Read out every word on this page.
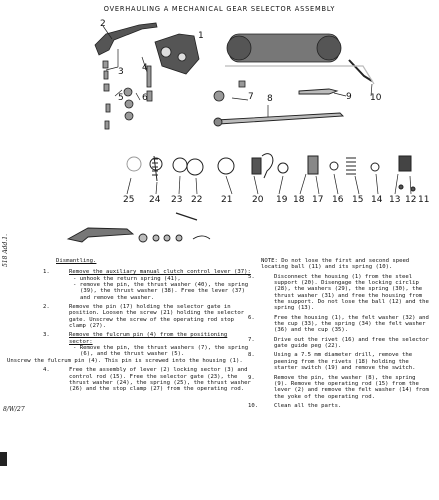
OVERHAULING A MECHANICAL GEAR SELECTOR ASSEMBLY
518 Add.1.
8/W/27
2
1
3 4
5 6	7 8	9 10
25 24 23 22 21 20 19 18 17 16 15 14 13 12 11
Dismantling.
1.	Remove the auxiliary manual clutch control lever (37):
- unhook the return spring (41),
- remove the pin, the thrust washer (40), the spring (39), the thrust washer (38). Free the lever (37) and remove the washer.
2.	Remove the pin (17) holding the selector gate in position. Loosen the screw (21) holding the selector gate. Unscrew the screw of the operating rod stop clamp (27).
3.	Remove the fulcrum pin (4) from the positioning sector:
- Remove the pin, the thrust washers (7), the spring (6), and the thrust washer (5).
Unscrew the fulcrum pin (4). This pin is screwed into the housing (1).
4.	Free the assembly of lever (2) locking sector (3) and control rod (15). Free the selector gate (23), the thrust washer (24), the spring (25), the thrust washer (26) and the stop clamp (27) from the operating rod.
NOTE: Do not lose the first and second speed locating ball (11) and its spring (10).
5.	Disconnect the housing (1) from the steel support (20). Disengage the locking circlip (28), the washers (29), the spring (30), the thrust washer (31) and free the housing from the support. Do not lose the ball (12) and the spring (13).
6.	Free the housing (1), the felt washer (32) and the cup (33), the spring (34) the felt washer (36) and the cup (35).
7.	Drive out the rivet (16) and free the selector gate guide peg (22).
8.	Using a 7.5 mm diameter drill, remove the peening from the rivets (18) holding the starter switch (19) and remove the switch.
9.	Remove the pin, the washer (8), the spring (9). Remove the operating rod (15) from the lever (2) and remove the felt washer (14) from the yoke of the operating rod.
10.	Clean all the parts.
